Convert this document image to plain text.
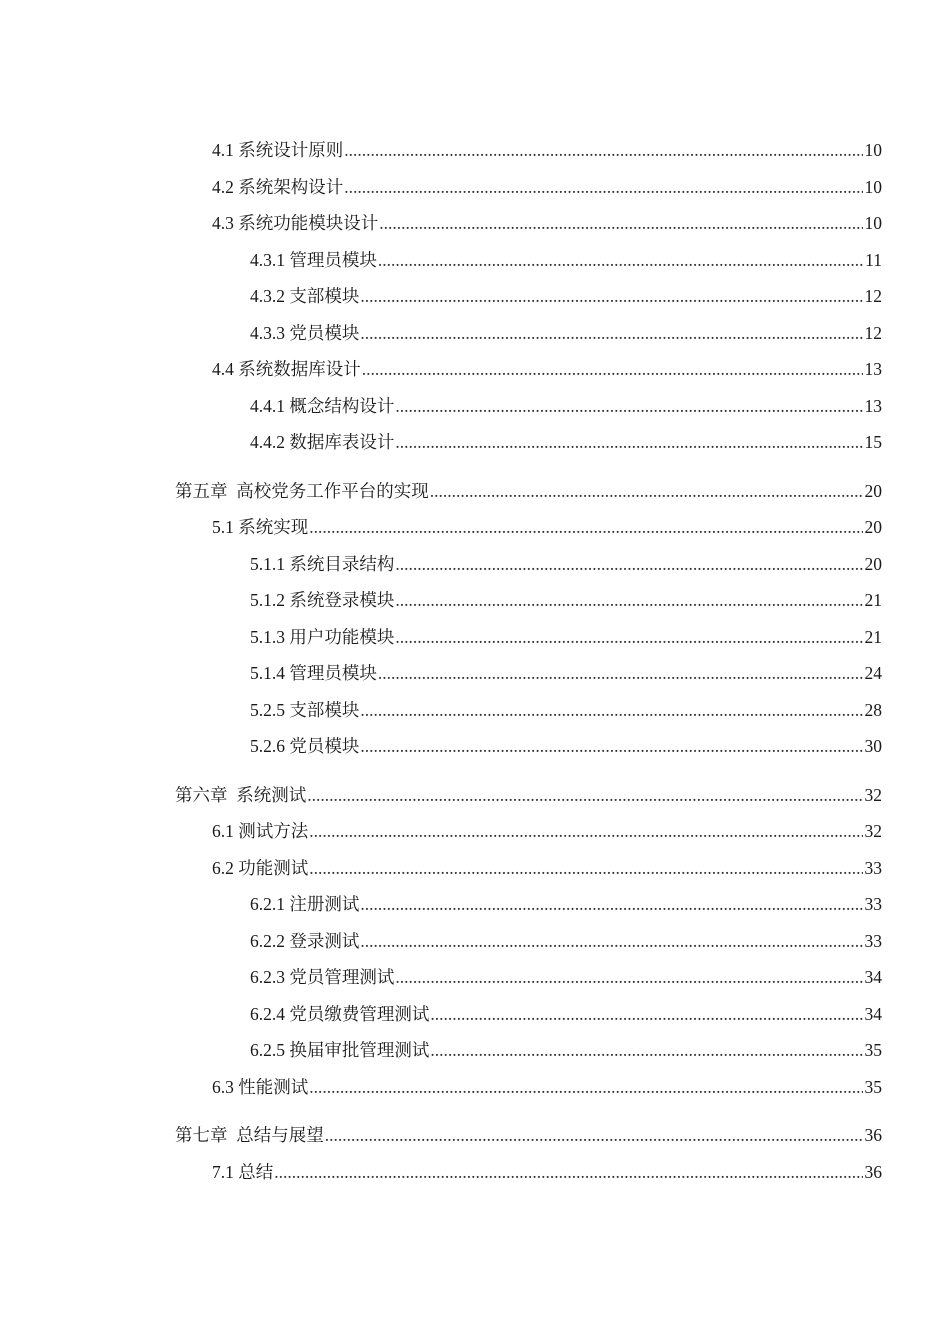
4.1 系统设计原则 .....	10
4.2 系统架构设计 .....	10
4.3 系统功能模块设计 .....	10
4.3.1 管理员模块 .....	11
4.3.2 支部模块 .....	12
4.3.3 党员模块 .....	12
4.4 系统数据库设计 .....	13
4.4.1 概念结构设计 .....	13
4.4.2 数据库表设计 .....	15
第五章  高校党务工作平台的实现 .....	20
5.1 系统实现 .....	20
5.1.1 系统目录结构 .....	20
5.1.2 系统登录模块 .....	21
5.1.3 用户功能模块 .....	21
5.1.4 管理员模块 .....	24
5.2.5 支部模块 .....	28
5.2.6 党员模块 .....	30
第六章  系统测试 .....	32
6.1 测试方法 .....	32
6.2 功能测试 .....	33
6.2.1 注册测试 .....	33
6.2.2 登录测试 .....	33
6.2.3 党员管理测试 .....	34
6.2.4 党员缴费管理测试 .....	34
6.2.5 换届审批管理测试 .....	35
6.3 性能测试 .....	35
第七章  总结与展望 .....	36
7.1 总结 .....	36
